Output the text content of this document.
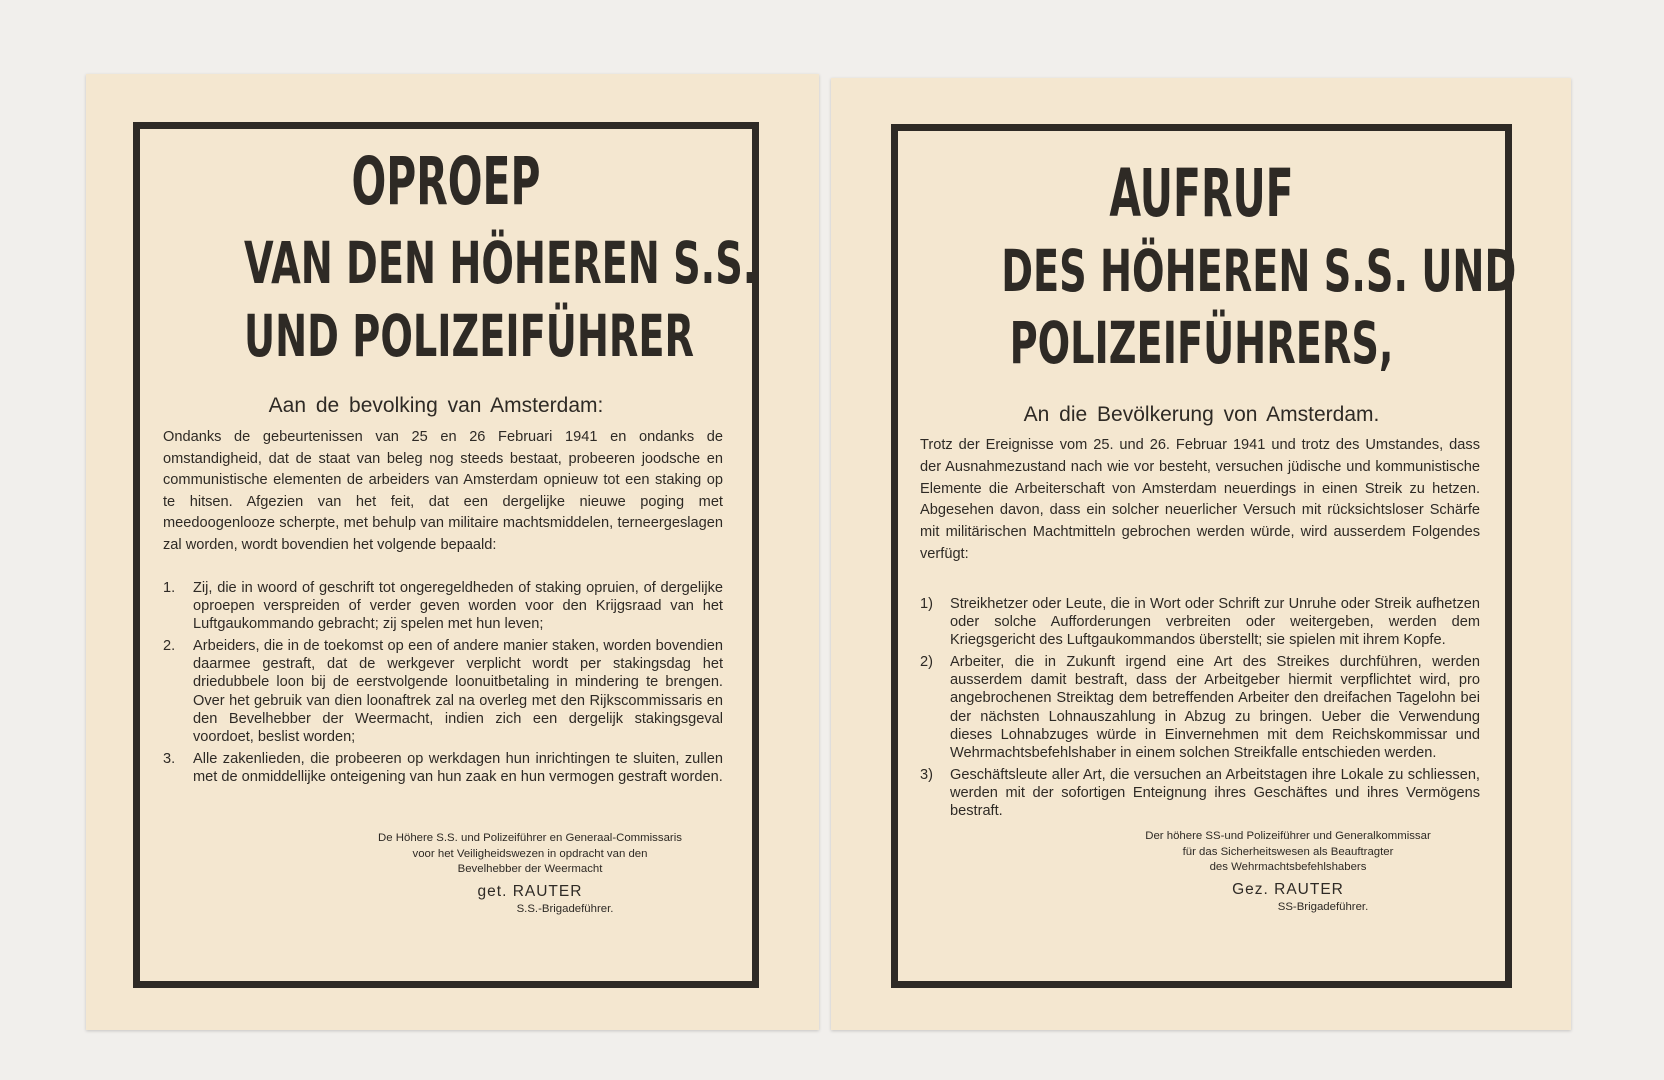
OPROEP

VAN DEN HÖHEREN S.S.

UND POLIZEIFÜHRER

Aan de bevolking van Amsterdam:

Ondanks de gebeurtenissen van 25 en 26 Februari 1941 en ondanks de omstandigheid, dat de staat van beleg nog steeds bestaat, probeeren joodsche en communistische elementen de arbeiders van Amsterdam opnieuw tot een staking op te hitsen. Afgezien van het feit, dat een dergelijke nieuwe poging met meedoogenlooze scherpte, met behulp van militaire machtsmiddelen, terneergeslagen zal worden, wordt bovendien het volgende bepaald:

1. Zij, die in woord of geschrift tot ongeregeldheden of staking opruien, of dergelijke oproepen verspreiden of verder geven worden voor den Krijgsraad van het Luftgaukommando gebracht; zij spelen met hun leven;
2. Arbeiders, die in de toekomst op een of andere manier staken, worden bovendien daarmee gestraft, dat de werkgever verplicht wordt per stakingsdag het driedubbele loon bij de eerstvolgende loonuitbetaling in mindering te brengen. Over het gebruik van dien loonaftrek zal na overleg met den Rijkscommissaris en den Bevelhebber der Weermacht, indien zich een dergelijk stakingsgeval voordoet, beslist worden;
3. Alle zakenlieden, die probeeren op werkdagen hun inrichtingen te sluiten, zullen met de onmiddellijke onteigening van hun zaak en hun vermogen gestraft worden.

De Höhere S.S. und Polizeiführer en Generaal-Commissaris

voor het Veiligheidswezen in opdracht van den

Bevelhebber der Weermacht

get. RAUTER

S.S.-Brigadeführer.

AUFRUF

DES HÖHEREN S.S. UND

POLIZEIFÜHRERS,

An die Bevölkerung von Amsterdam.

Trotz der Ereignisse vom 25. und 26. Februar 1941 und trotz des Umstandes, dass der Ausnahmezustand nach wie vor besteht, versuchen jüdische und kommunistische Elemente die Arbeiterschaft von Amsterdam neuerdings in einen Streik zu hetzen. Abgesehen davon, dass ein solcher neuerlicher Versuch mit rücksichtsloser Schärfe mit militärischen Machtmitteln gebrochen werden würde, wird ausserdem Folgendes verfügt:

1) Streikhetzer oder Leute, die in Wort oder Schrift zur Unruhe oder Streik aufhetzen oder solche Aufforderungen verbreiten oder weitergeben, werden dem Kriegsgericht des Luftgaukommandos überstellt; sie spielen mit ihrem Kopfe.
2) Arbeiter, die in Zukunft irgend eine Art des Streikes durchführen, werden ausserdem damit bestraft, dass der Arbeitgeber hiermit verpflichtet wird, pro angebrochenen Streiktag dem betreffenden Arbeiter den dreifachen Tagelohn bei der nächsten Lohnauszahlung in Abzug zu bringen. Ueber die Verwendung dieses Lohnabzuges würde in Einvernehmen mit dem Reichskommissar und Wehrmachtsbefehlshaber in einem solchen Streikfalle entschieden werden.
3) Geschäftsleute aller Art, die versuchen an Arbeitstagen ihre Lokale zu schliessen, werden mit der sofortigen Enteignung ihres Geschäftes und ihres Vermögens bestraft.

Der höhere SS-und Polizeiführer und Generalkommissar

für das Sicherheitswesen als Beauftragter

des Wehrmachtsbefehlshabers

Gez. RAUTER

SS-Brigadeführer.
